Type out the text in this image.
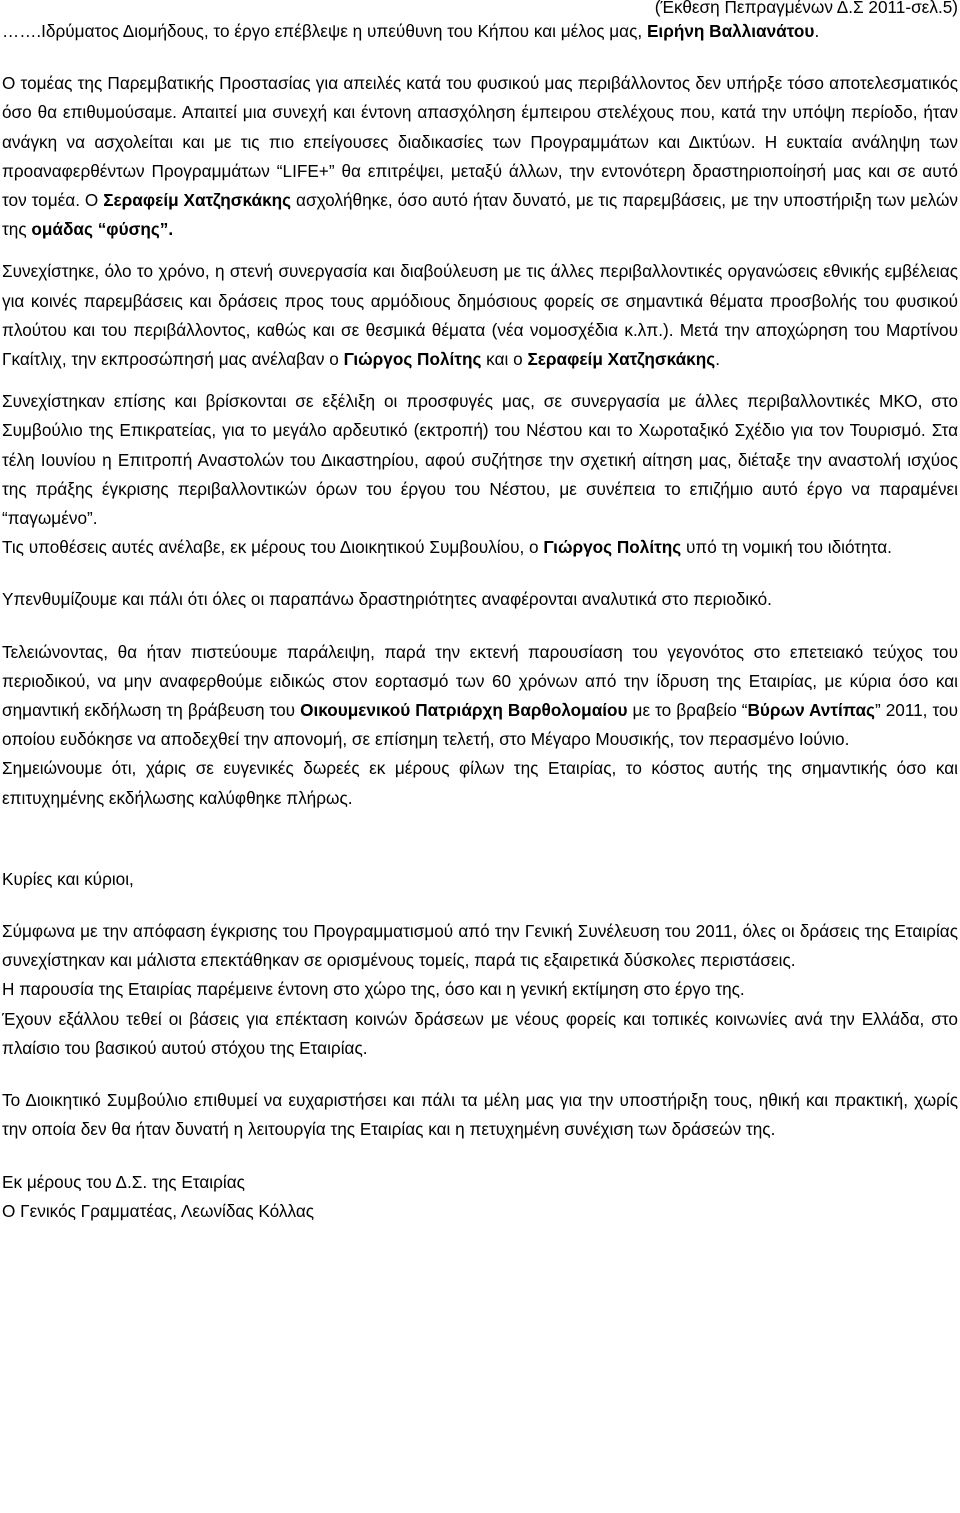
(Έκθεση Πεπραγμένων Δ.Σ 2011-σελ.5)

…….Ιδρύματος Διομήδους, το έργο επέβλεψε η υπεύθυνη του Κήπου και μέλος μας, Ειρήνη Βαλλιανάτου.

Ο τομέας της Παρεμβατικής Προστασίας για απειλές κατά του φυσικού μας περιβάλλοντος δεν υπήρξε τόσο αποτελεσματικός όσο θα επιθυμούσαμε. Απαιτεί μια συνεχή και έντονη απασχόληση έμπειρου στελέχους που, κατά την υπόψη περίοδο, ήταν ανάγκη να ασχολείται και με τις πιο επείγουσες διαδικασίες των Προγραμμάτων και Δικτύων. Η ευκταία ανάληψη των προαναφερθέντων Προγραμμάτων “LIFE+” θα επιτρέψει, μεταξύ άλλων, την εντονότερη δραστηριοποίησή μας και σε αυτό τον τομέα. Ο Σεραφείμ Χατζησκάκης ασχολήθηκε, όσο αυτό ήταν δυνατό, με τις παρεμβάσεις, με την υποστήριξη των μελών της ομάδας “φύσης”.

Συνεχίστηκε, όλο το χρόνο, η στενή συνεργασία και διαβούλευση με τις άλλες περιβαλλοντικές οργανώσεις εθνικής εμβέλειας για κοινές παρεμβάσεις και δράσεις προς τους αρμόδιους δημόσιους φορείς σε σημαντικά θέματα προσβολής του φυσικού πλούτου και του περιβάλλοντος, καθώς και σε θεσμικά θέματα (νέα νομοσχέδια κ.λπ.). Μετά την αποχώρηση του Μαρτίνου Γκαίτλιχ, την εκπροσώπησή μας ανέλαβαν ο Γιώργος Πολίτης και ο Σεραφείμ Χατζησκάκης.

Συνεχίστηκαν επίσης και βρίσκονται σε εξέλιξη οι προσφυγές μας, σε συνεργασία με άλλες περιβαλλοντικές ΜΚΟ, στο Συμβούλιο της Επικρατείας, για το μεγάλο αρδευτικό (εκτροπή) του Νέστου και το Χωροταξικό Σχέδιο για τον Τουρισμό. Στα τέλη Ιουνίου η Επιτροπή Αναστολών του Δικαστηρίου, αφού συζήτησε την σχετική αίτηση μας, διέταξε την αναστολή ισχύος της πράξης έγκρισης περιβαλλοντικών όρων του έργου του Νέστου, με συνέπεια το επιζήμιο αυτό έργο να παραμένει “παγωμένο”.

Τις υποθέσεις αυτές ανέλαβε, εκ μέρους του Διοικητικού Συμβουλίου, ο Γιώργος Πολίτης υπό τη νομική του ιδιότητα.

Υπενθυμίζουμε και πάλι ότι όλες οι παραπάνω δραστηριότητες αναφέρονται αναλυτικά στο περιοδικό.

Τελειώνοντας, θα ήταν πιστεύουμε παράλειψη, παρά την εκτενή παρουσίαση του γεγονότος στο επετειακό τεύχος του περιοδικού, να μην αναφερθούμε ειδικώς στον εορτασμό των 60 χρόνων από την ίδρυση της Εταιρίας, με κύρια όσο και σημαντική εκδήλωση τη βράβευση του Οικουμενικού Πατριάρχη Βαρθολομαίου με το βραβείο “Βύρων Αντίπας” 2011, του οποίου ευδόκησε να αποδεχθεί την απονομή, σε επίσημη τελετή, στο Μέγαρο Μουσικής, τον περασμένο Ιούνιο.

Σημειώνουμε ότι, χάρις σε ευγενικές δωρεές εκ μέρους φίλων της Εταιρίας, το κόστος αυτής της σημαντικής όσο και επιτυχημένης εκδήλωσης καλύφθηκε πλήρως.

Κυρίες και κύριοι,

Σύμφωνα με την απόφαση έγκρισης του Προγραμματισμού από την Γενική Συνέλευση του 2011, όλες οι δράσεις της Εταιρίας συνεχίστηκαν και μάλιστα επεκτάθηκαν σε ορισμένους τομείς, παρά τις εξαιρετικά δύσκολες περιστάσεις.

Η παρουσία της Εταιρίας παρέμεινε έντονη στο χώρο της, όσο και η γενική εκτίμηση στο έργο της.

Έχουν εξάλλου τεθεί οι βάσεις για επέκταση κοινών δράσεων με νέους φορείς και τοπικές κοινωνίες ανά την Ελλάδα, στο πλαίσιο του βασικού αυτού στόχου της Εταιρίας.

Το Διοικητικό Συμβούλιο επιθυμεί να ευχαριστήσει και πάλι τα μέλη μας για την υποστήριξη τους, ηθική και πρακτική, χωρίς την οποία δεν θα ήταν δυνατή η λειτουργία της Εταιρίας και η πετυχημένη συνέχιση των δράσεών της.

Εκ μέρους του Δ.Σ. της Εταιρίας

Ο Γενικός Γραμματέας, Λεωνίδας Κόλλας
